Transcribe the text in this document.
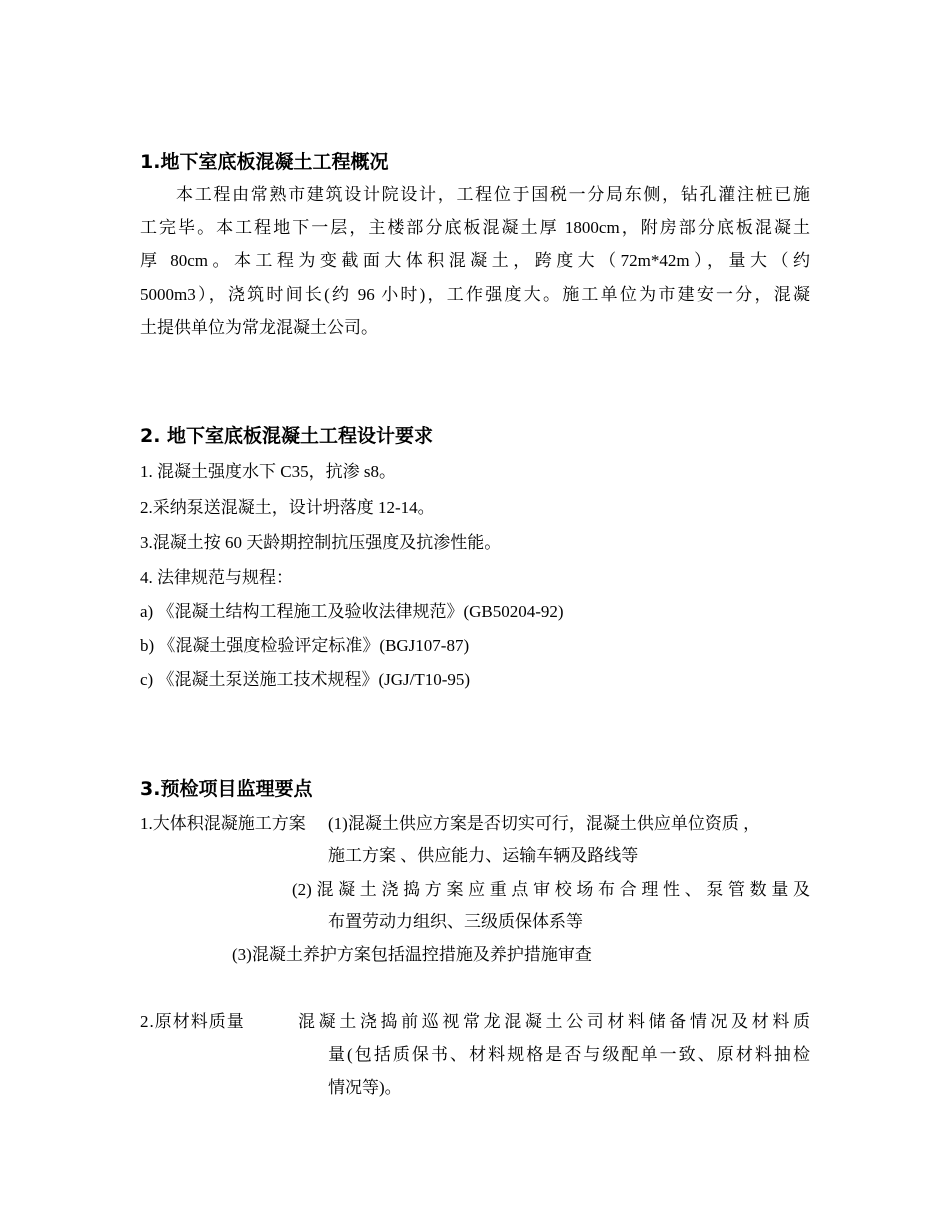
1.地下室底板混凝土工程概况
本工程由常熟市建筑设计院设计，工程位于国税一分局东侧，钻孔灌注桩已施
工完毕。本工程地下一层，主楼部分底板混凝土厚 1800cm，附房部分底板混凝土
厚 80cm。本工程为变截面大体积混凝土，跨度大（72m*42m），量大（约
5000m3），浇筑时间长(约 96 小时)，工作强度大。施工单位为市建安一分，混凝
土提供单位为常龙混凝土公司。
2. 地下室底板混凝土工程设计要求
1. 混凝土强度水下 C35，抗渗 s8。
2.采纳泵送混凝土，设计坍落度 12-14。
3.混凝土按 60 天龄期控制抗压强度及抗渗性能。
4. 法律规范与规程：
a) 《混凝土结构工程施工及验收法律规范》(GB50204-92)
b) 《混凝土强度检验评定标准》(BGJ107-87)
c) 《混凝土泵送施工技术规程》(JGJ/T10-95)
3.预检项目监理要点
1.大体积混凝施工方案 (1)混凝土供应方案是否切实可行，混凝土供应单位资质 ，
施工方案 、供应能力、运输车辆及路线等
(2)混凝土浇捣方案应重点审校场布合理性、泵管数量及
布置劳动力组织、三级质保体系等
(3)混凝土养护方案包括温控措施及养护措施审查
2.原材料质量	混凝土浇捣前巡视常龙混凝土公司材料储备情况及材料质
量(包括质保书、材料规格是否与级配单一致、原材料抽检
情况等)。
